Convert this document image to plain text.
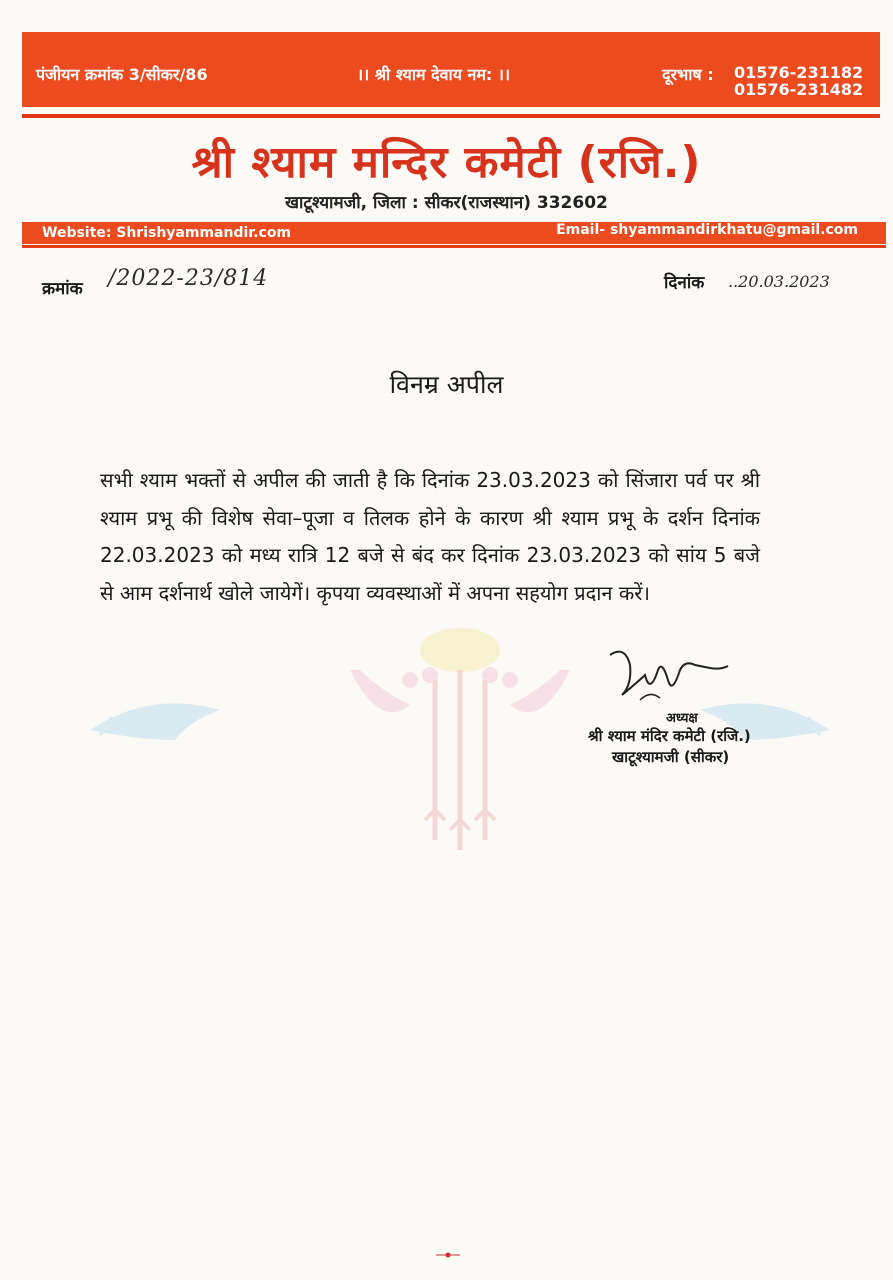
पंजीयन क्रमांक 3/सीकर/86	।। श्री श्याम देवाय नम: ।।	दूरभाष : 01576-231182
01576-231482
श्री श्याम मन्दिर कमेटी (रजि.)
खाटूश्यामजी, जिला : सीकर(राजस्थान) 332602
Website: Shrishyammandir.com	Email- shyammandirkhatu@gmail.com
क्रमांक /2022-23/814	दिनांक ..20.03.2023
विनम्र अपील
सभी श्याम भक्तों से अपील की जाती है कि दिनांक 23.03.2023 को सिंजारा पर्व पर श्री श्याम प्रभू की विशेष सेवा–पूजा व तिलक होने के कारण श्री श्याम प्रभू के दर्शन दिनांक 22.03.2023 को मध्य रात्रि 12 बजे से बंद कर दिनांक 23.03.2023 को सांय 5 बजे से आम दर्शनार्थ खोले जायेगें। कृपया व्यवस्थाओं में अपना सहयोग प्रदान करें।
अध्यक्ष
श्री श्याम मंदिर कमेटी (रजि.)
खाटूश्यामजी (सीकर)
